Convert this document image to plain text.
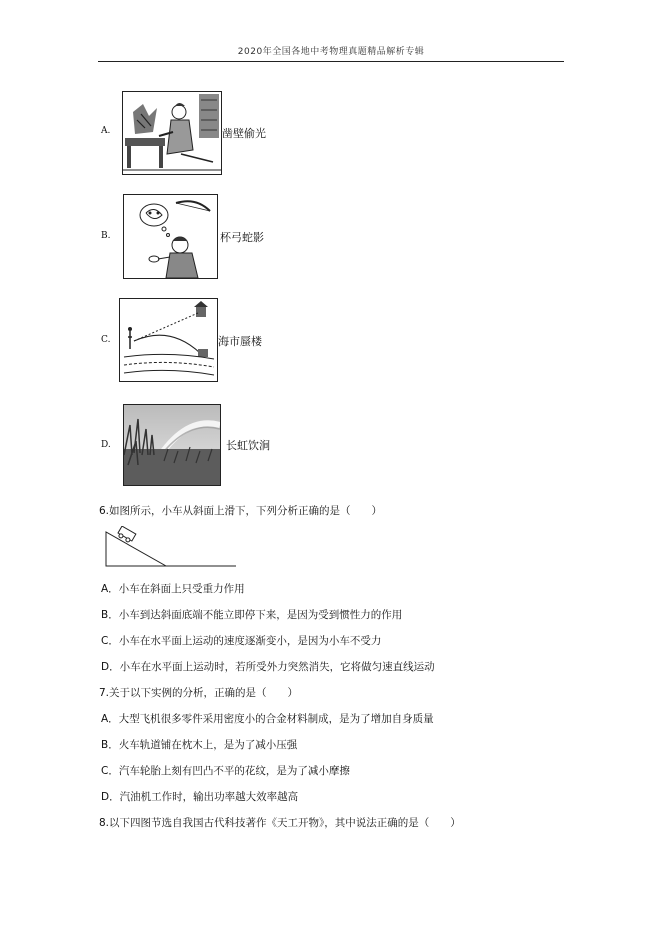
2020年全国各地中考物理真题精品解析专辑
A.	凿壁偷光
B.	杯弓蛇影
C.	海市蜃楼
D.	长虹饮涧
6.如图所示，小车从斜面上滑下，下列分析正确的是（　　）
A．小车在斜面上只受重力作用
B．小车到达斜面底端不能立即停下来，是因为受到惯性力的作用
C．小车在水平面上运动的速度逐渐变小，是因为小车不受力
D．小车在水平面上运动时，若所受外力突然消失，它将做匀速直线运动
7.关于以下实例的分析，正确的是（　　）
A．大型飞机很多零件采用密度小的合金材料制成，是为了增加自身质量
B．火车轨道铺在枕木上，是为了减小压强
C．汽车轮胎上刻有凹凸不平的花纹，是为了减小摩擦
D．汽油机工作时，输出功率越大效率越高
8.以下四图节选自我国古代科技著作《天工开物》，其中说法正确的是（　　）
